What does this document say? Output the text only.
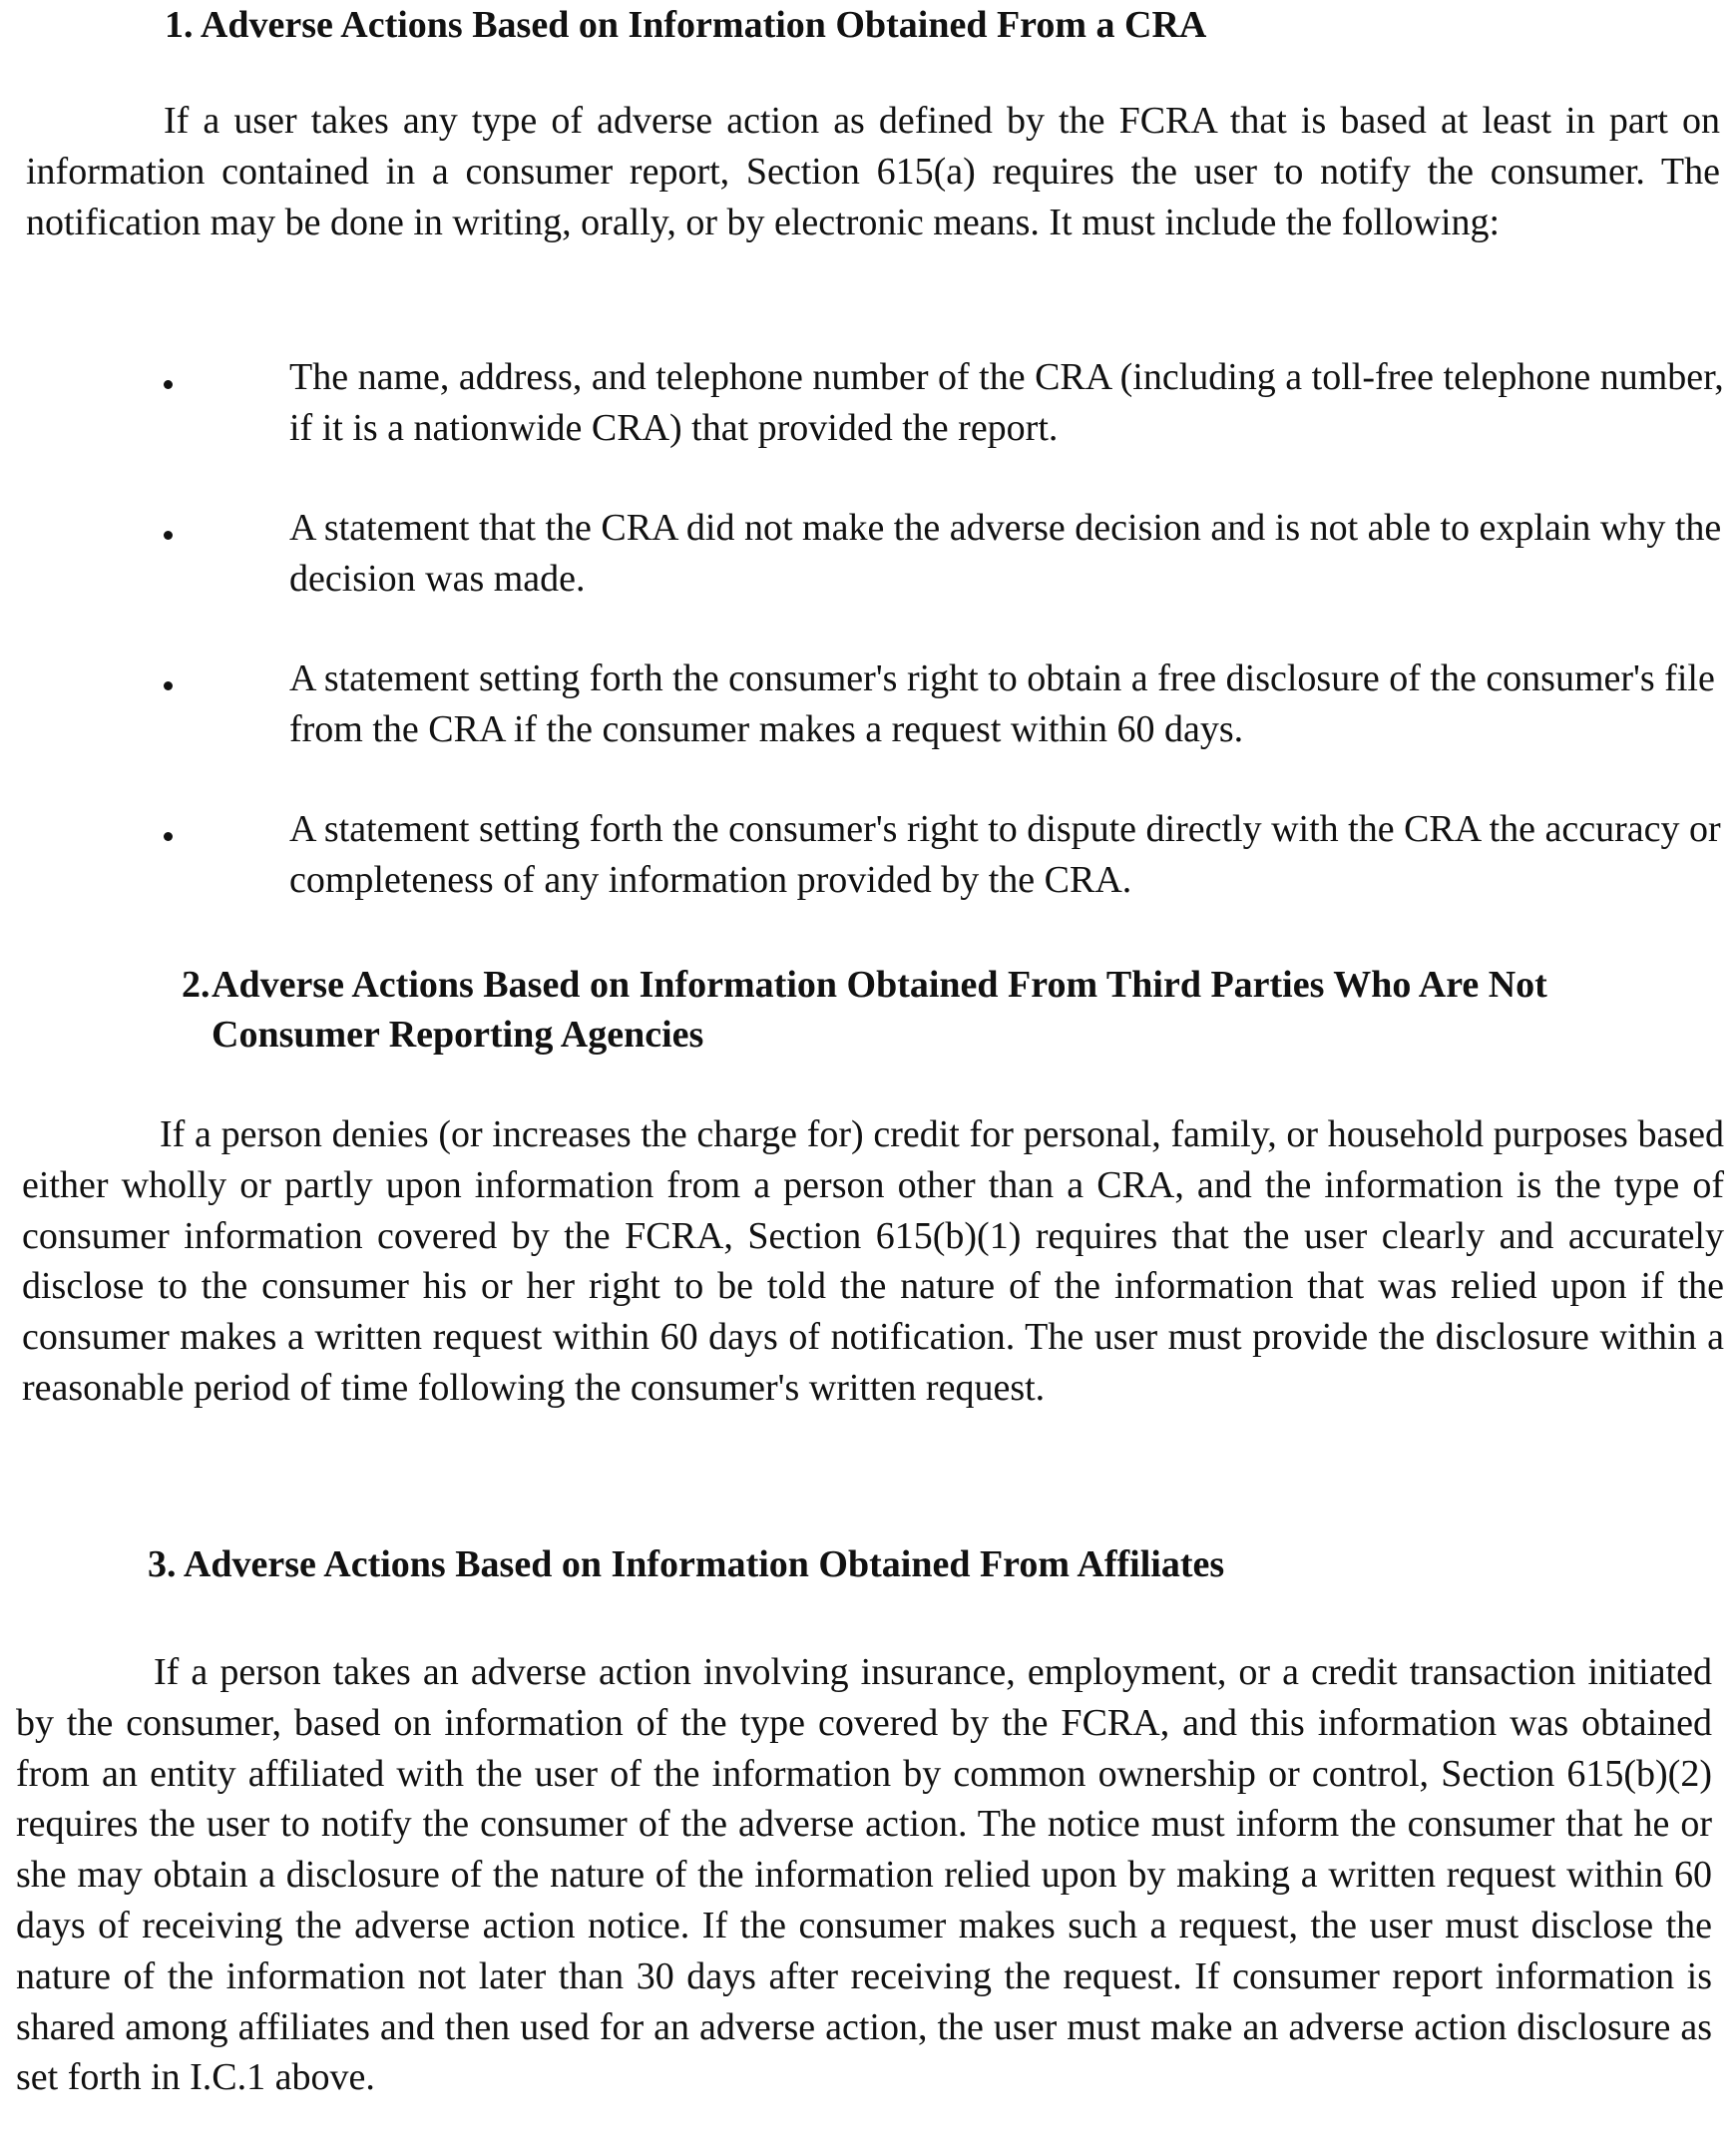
1. Adverse Actions Based on Information Obtained From a CRA

If a user takes any type of adverse action as defined by the FCRA that is based at least in part on information contained in a consumer report, Section 615(a) requires the user to notify the consumer. The notification may be done in writing, orally, or by electronic means. It must include the following:

The name, address, and telephone number of the CRA (including a toll-free telephone number, if it is a nationwide CRA) that provided the report.
A statement that the CRA did not make the adverse decision and is not able to explain why the decision was made.
A statement setting forth the consumer's right to obtain a free disclosure of the consumer's file from the CRA if the consumer makes a request within 60 days.
A statement setting forth the consumer's right to dispute directly with the CRA the accuracy or completeness of any information provided by the CRA.
2. Adverse Actions Based on Information Obtained From Third Parties Who Are Not Consumer Reporting Agencies

If a person denies (or increases the charge for) credit for personal, family, or household purposes based either wholly or partly upon information from a person other than a CRA, and the information is the type of consumer information covered by the FCRA, Section 615(b)(1) requires that the user clearly and accurately disclose to the consumer his or her right to be told the nature of the information that was relied upon if the consumer makes a written request within 60 days of notification. The user must provide the disclosure within a reasonable period of time following the consumer's written request.

3. Adverse Actions Based on Information Obtained From Affiliates

If a person takes an adverse action involving insurance, employment, or a credit transaction initiated by the consumer, based on information of the type covered by the FCRA, and this information was obtained from an entity affiliated with the user of the information by common ownership or control, Section 615(b)(2) requires the user to notify the consumer of the adverse action. The notice must inform the consumer that he or she may obtain a disclosure of the nature of the information relied upon by making a written request within 60 days of receiving the adverse action notice. If the consumer makes such a request, the user must disclose the nature of the information not later than 30 days after receiving the request. If consumer report information is shared among affiliates and then used for an adverse action, the user must make an adverse action disclosure as set forth in I.C.1 above.
